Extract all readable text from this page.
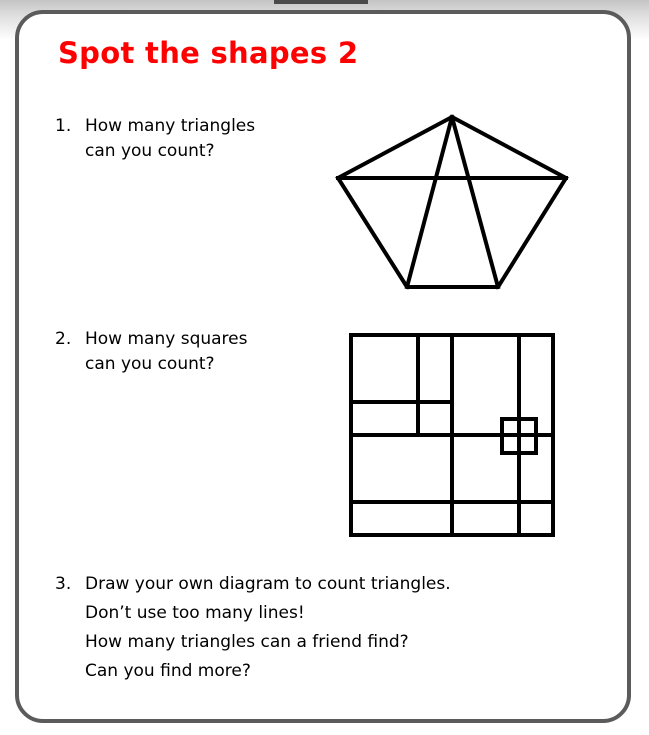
Spot the shapes 2
1. How many triangles
can you count?
2. How many squares
can you count?
3. Draw your own diagram to count triangles.
Don’t use too many lines!
How many triangles can a friend find?
Can you find more?
